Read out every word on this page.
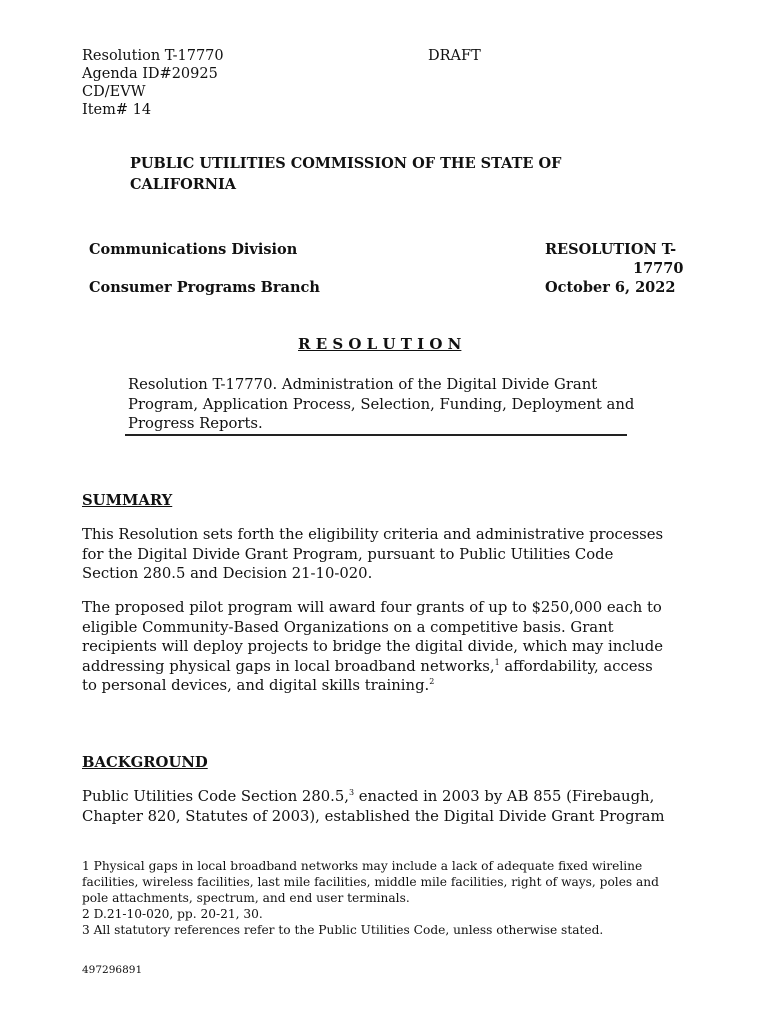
Resolution T-17770
Agenda ID#20925
CD/EVW
Item# 14
DRAFT
PUBLIC UTILITIES COMMISSION OF THE STATE OF
CALIFORNIA
Communications Division
Consumer Programs Branch
RESOLUTION T-
17770
October 6, 2022
R E S O L U T I O N
Resolution T-17770. Administration of the Digital Divide Grant
Program, Application Process, Selection, Funding, Deployment and
Progress Reports.
SUMMARY
This Resolution sets forth the eligibility criteria and administrative processes
for the Digital Divide Grant Program, pursuant to Public Utilities Code
Section 280.5 and Decision 21-10-020.
The proposed pilot program will award four grants of up to $250,000 each to
eligible Community-Based Organizations on a competitive basis. Grant
recipients will deploy projects to bridge the digital divide, which may include
addressing physical gaps in local broadband networks,$^1$ affordability, access
to personal devices, and digital skills training.$^2$
BACKGROUND
Public Utilities Code Section 280.5,$^3$ enacted in 2003 by AB 855 (Firebaugh,
Chapter 820, Statutes of 2003), established the Digital Divide Grant Program
1 Physical gaps in local broadband networks may include a lack of adequate fixed wireline
facilities, wireless facilities, last mile facilities, middle mile facilities, right of ways, poles and
pole attachments, spectrum, and end user terminals.
2 D.21-10-020, pp. 20-21, 30.
3 All statutory references refer to the Public Utilities Code, unless otherwise stated.
497296891
